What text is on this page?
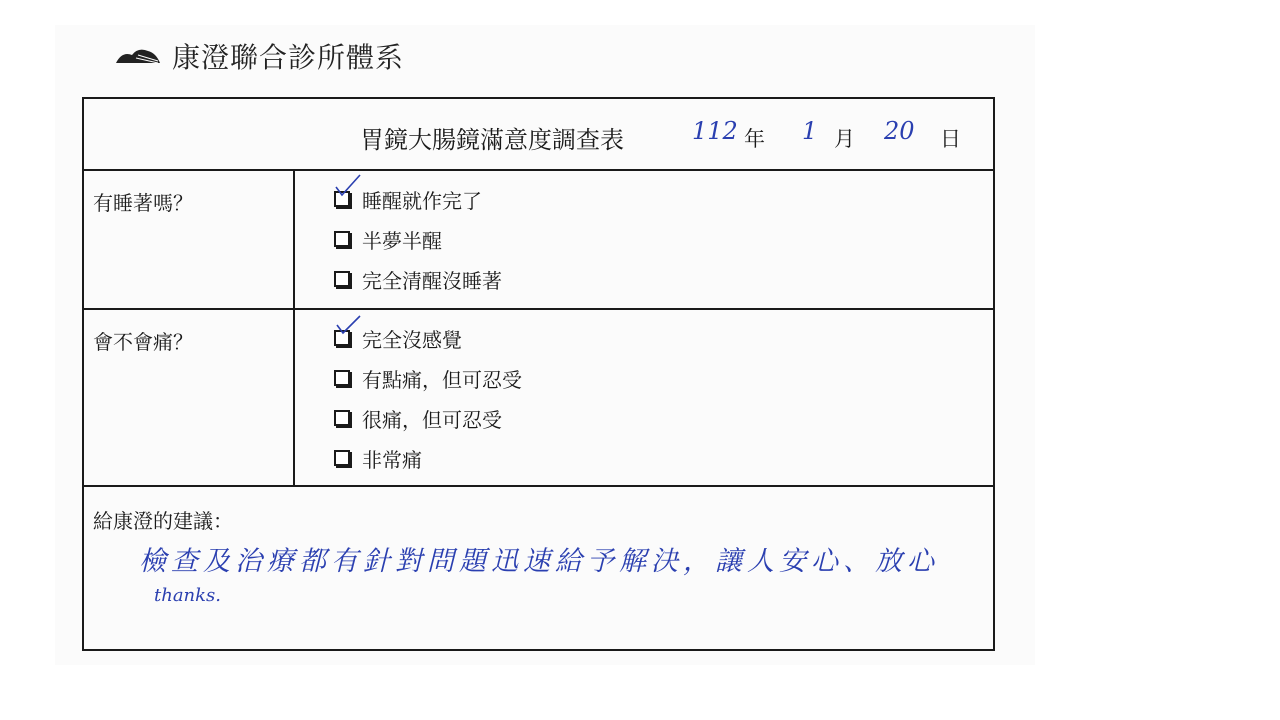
康澄聯合診所體系
胃鏡大腸鏡滿意度調查表	112 年 1 月 20 日
有睡著嗎？	睡醒就作完了
半夢半醒
完全清醒沒睡著
會不會痛？	完全沒感覺
有點痛，但可忍受
很痛，但可忍受
非常痛
給康澄的建議：
檢查及治療都有針對問題迅速給予解決，讓人安心、放心
thanks.
